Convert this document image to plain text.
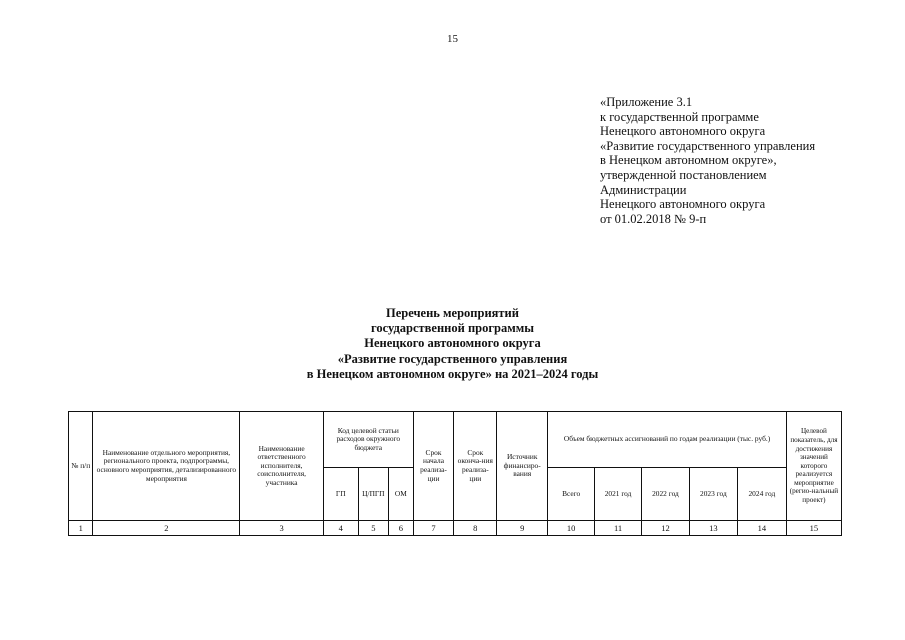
15
«Приложение 3.1
к государственной программе
Ненецкого автономного округа
«Развитие государственного управления
в Ненецком автономном округе»,
утвержденной постановлением
Администрации
Ненецкого автономного округа
от 01.02.2018 № 9-п
Перечень мероприятий
государственной программы
Ненецкого автономного округа
«Развитие государственного управления
в Ненецком автономном округе» на 2021–2024 годы
№ п/п	Наименование отдельного мероприятия, регионального проекта, подпрограммы, основного мероприятия, детализированного мероприятия	Наименование ответственного исполнителя, соисполнителя, участника	Код целевой статьи расходов окружного бюджета			Срок начала реализа-ции	Срок оконча-ния реализа-ции	Источник финансиро-вания	Объем бюджетных ассигнований по годам реализации (тыс. руб.)					Целевой показатель, для достижения значений которого реализуется мероприятие (регио-нальный проект)
			ГП	Ц/ПГП	ОМ				Всего	2021 год	2022 год	2023 год	2024 год	
1	2	3	4	5	6	7	8	9	10	11	12	13	14	15
